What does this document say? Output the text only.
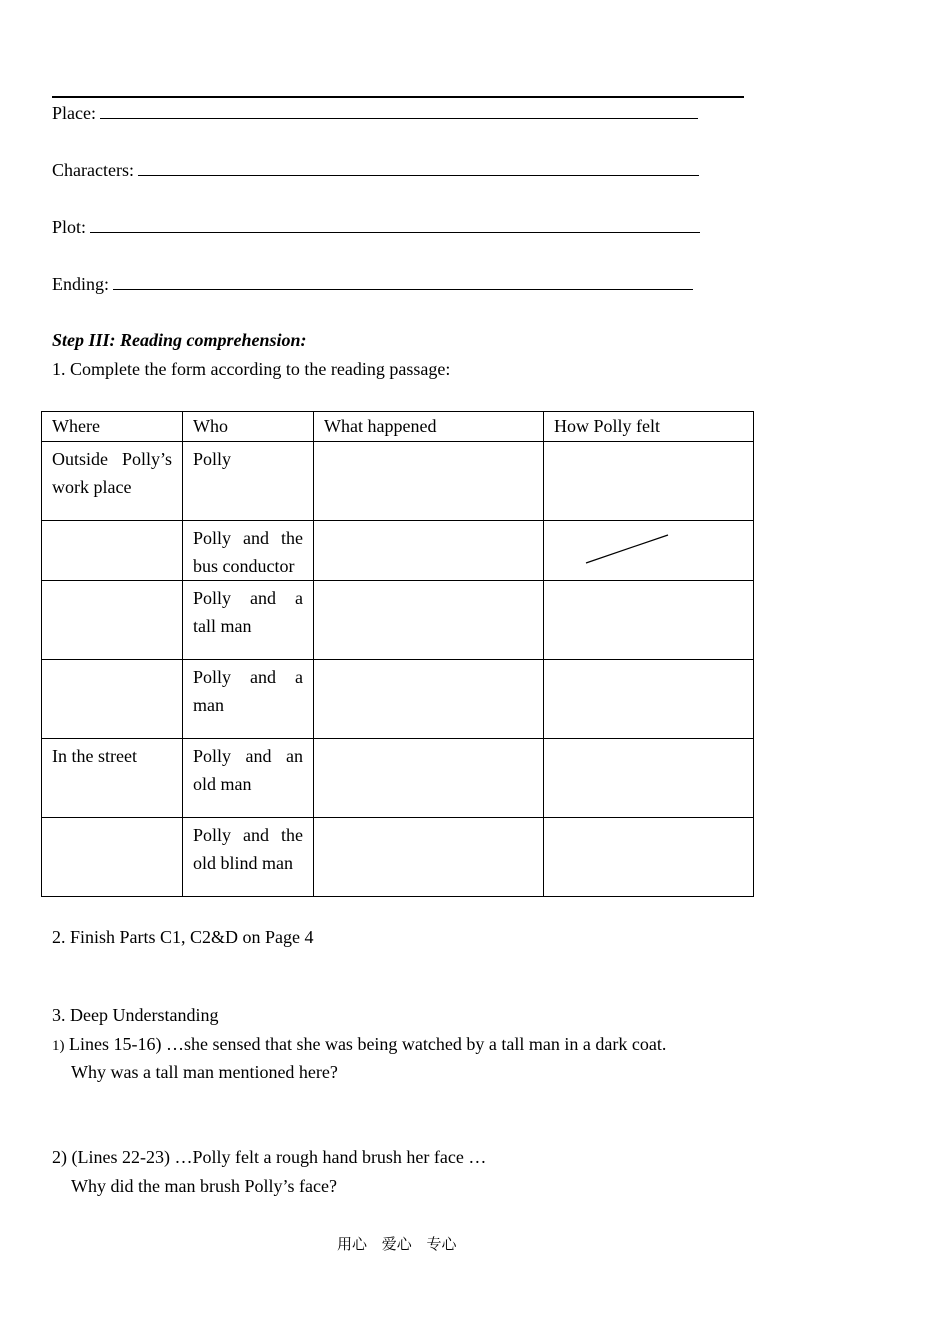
Place:
Characters:
Plot:
Ending:
Step III: Reading comprehension:
1. Complete the form according to the reading passage:
Where	Who	What happened	How Polly felt

Outside Polly’s
work place	Polly		

	Polly and the
bus conductor

	Polly and a
tall man		

	Polly and a
man		

In the street	Polly and an
old man		

	Polly and the
old blind man		

2. Finish Parts C1, C2&D on Page 4
3. Deep Understanding
1) Lines 15-16) …she sensed that she was being watched by a tall man in a dark coat.
Why was a tall man mentioned here?
2) (Lines 22-23) …Polly felt a rough hand brush her face …
Why did the man brush Polly’s face?
用心 爱心 专心
